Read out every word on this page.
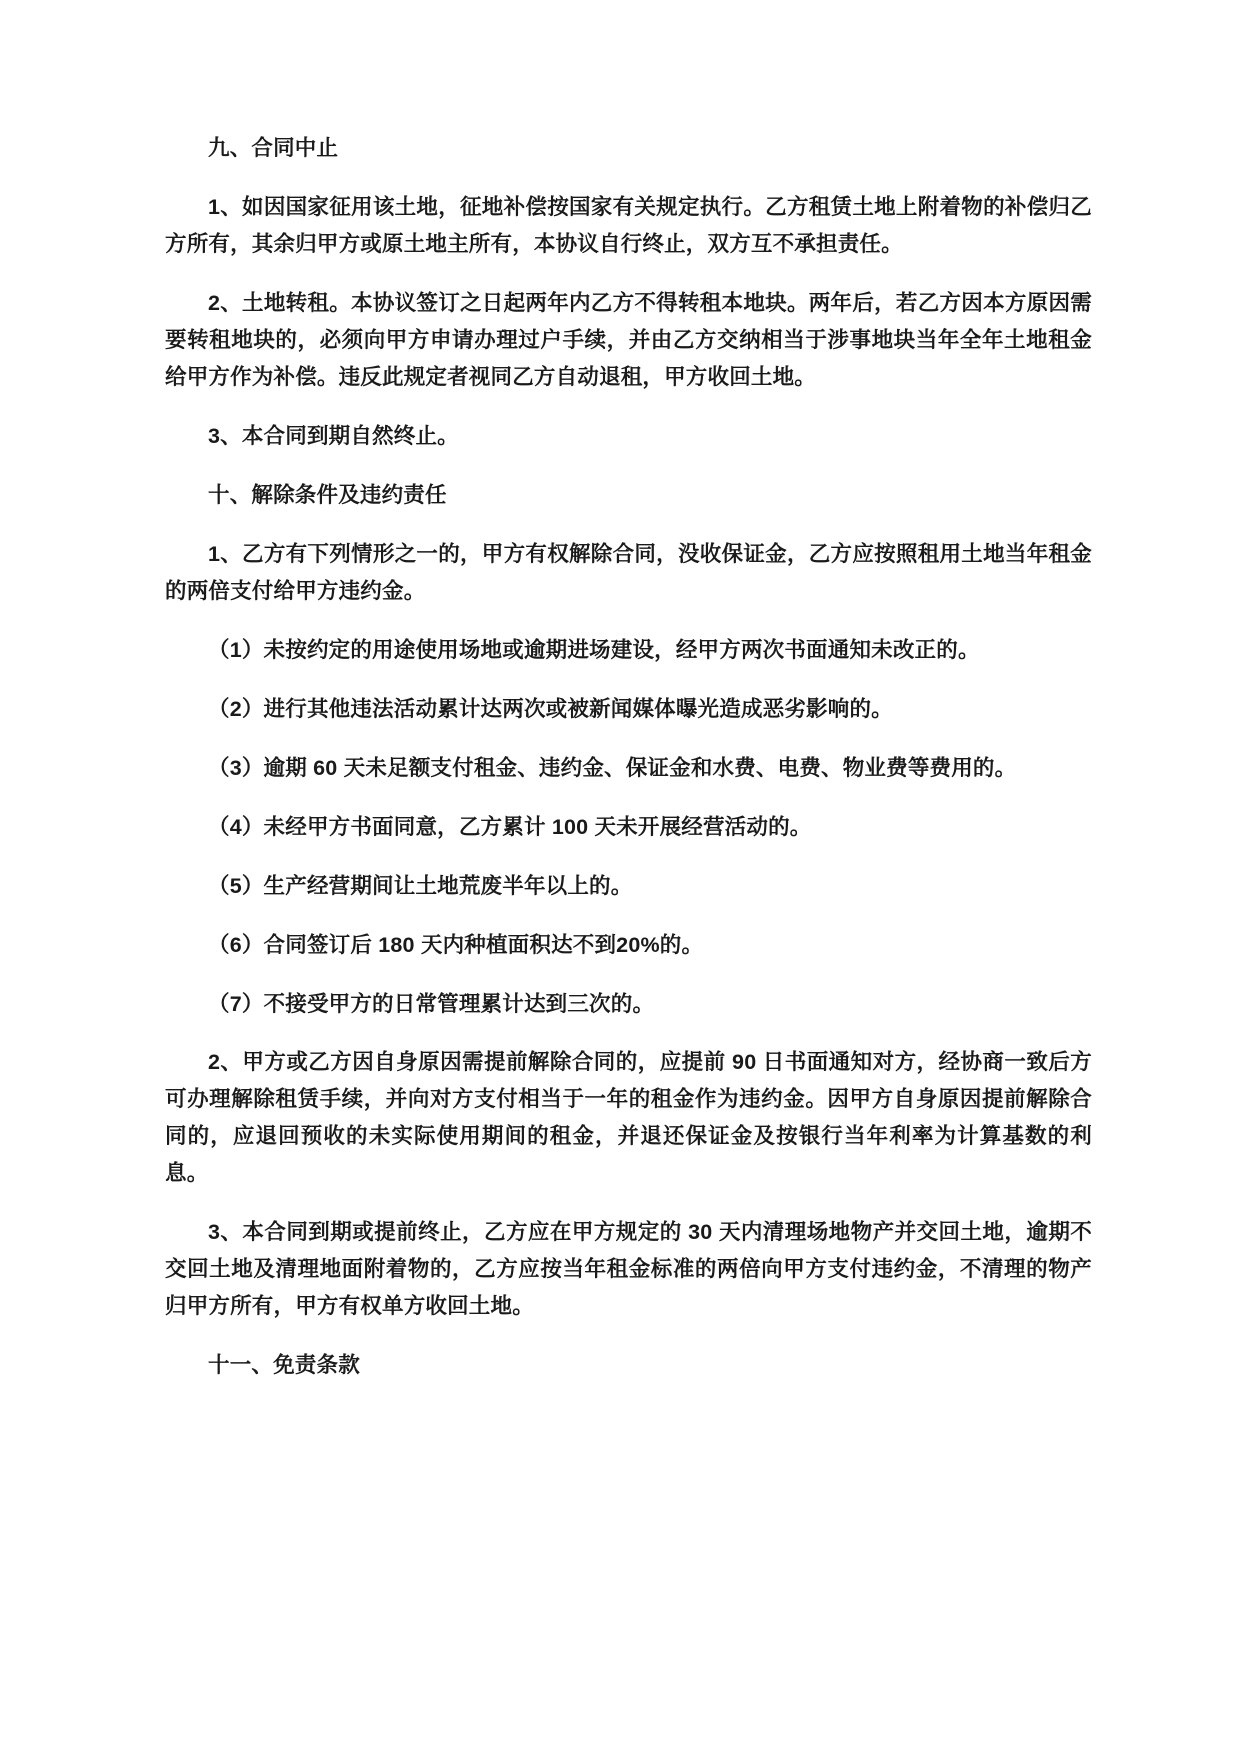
九、合同中止

1、如因国家征用该土地，征地补偿按国家有关规定执行。乙方租赁土地上附着物的补偿归乙方所有，其余归甲方或原土地主所有，本协议自行终止，双方互不承担责任。

2、土地转租。本协议签订之日起两年内乙方不得转租本地块。两年后，若乙方因本方原因需要转租地块的，必须向甲方申请办理过户手续，并由乙方交纳相当于涉事地块当年全年土地租金给甲方作为补偿。违反此规定者视同乙方自动退租，甲方收回土地。

3、本合同到期自然终止。

十、解除条件及违约责任

1、乙方有下列情形之一的，甲方有权解除合同，没收保证金，乙方应按照租用土地当年租金的两倍支付给甲方违约金。

（1）未按约定的用途使用场地或逾期进场建设，经甲方两次书面通知未改正的。

（2）进行其他违法活动累计达两次或被新闻媒体曝光造成恶劣影响的。

（3）逾期 60 天未足额支付租金、违约金、保证金和水费、电费、物业费等费用的。

（4）未经甲方书面同意，乙方累计 100 天未开展经营活动的。

（5）生产经营期间让土地荒废半年以上的。

（6）合同签订后 180 天内种植面积达不到20%的。

（7）不接受甲方的日常管理累计达到三次的。

2、甲方或乙方因自身原因需提前解除合同的，应提前 90 日书面通知对方，经协商一致后方可办理解除租赁手续，并向对方支付相当于一年的租金作为违约金。因甲方自身原因提前解除合同的，应退回预收的未实际使用期间的租金，并退还保证金及按银行当年利率为计算基数的利息。

3、本合同到期或提前终止，乙方应在甲方规定的 30 天内清理场地物产并交回土地，逾期不交回土地及清理地面附着物的，乙方应按当年租金标准的两倍向甲方支付违约金，不清理的物产归甲方所有，甲方有权单方收回土地。

十一、免责条款
